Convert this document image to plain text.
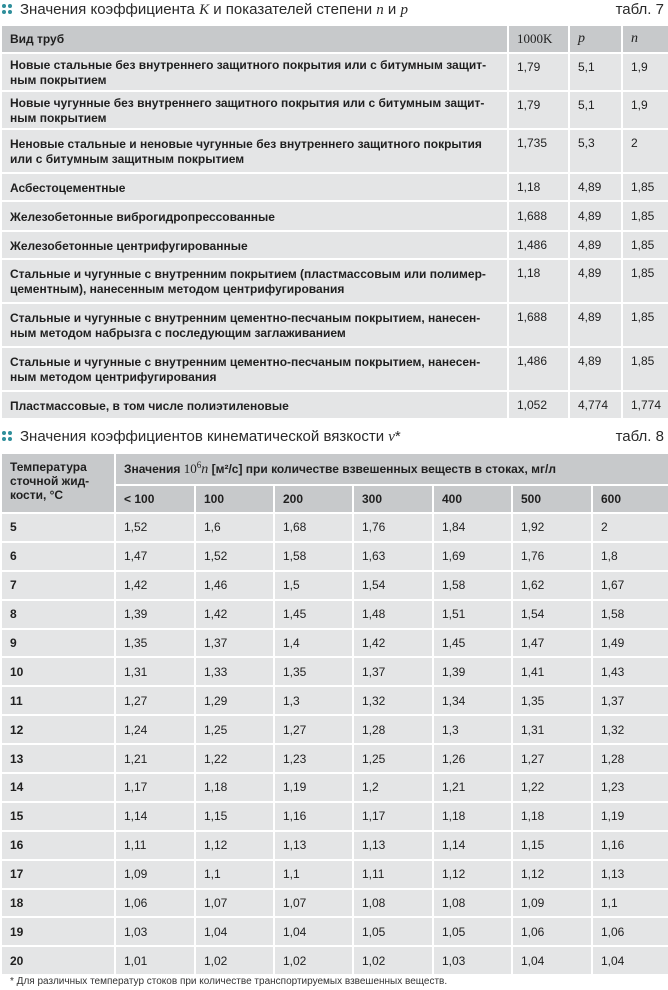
Значения коэффициента K и показателей степени n и p	табл. 7
Вид труб	1000K	p	n
Новые стальные без внутреннего защитного покрытия или с битумным защит-ным покрытием	1,79	5,1	1,9
Новые чугунные без внутреннего защитного покрытия или с битумным защит-ным покрытием	1,79	5,1	1,9
Неновые стальные и неновые чугунные без внутреннего защитного покрытия или с битумным защитным покрытием	1,735	5,3	2
Асбестоцементные	1,18	4,89	1,85
Железобетонные виброгидропрессованные	1,688	4,89	1,85
Железобетонные центрифугированные	1,486	4,89	1,85
Стальные и чугунные с внутренним покрытием (пластмассовым или полимер-цементным), нанесенным методом центрифугирования	1,18	4,89	1,85
Стальные и чугунные с внутренним цементно-песчаным покрытием, нанесен-ным методом набрызга с последующим заглаживанием	1,688	4,89	1,85
Стальные и чугунные с внутренним цементно-песчаным покрытием, нанесен-ным методом центрифугирования	1,486	4,89	1,85
Пластмассовые, в том числе полиэтиленовые	1,052	4,774	1,774
Значения коэффициентов кинематической вязкости ν*	табл. 8
Температура сточной жид-кости, °C	Значения $10^6n$ [м²/с] при количестве взвешенных веществ в стоках, мг/л						
	< 100	100	200	300	400	500	600
5	1,52	1,6	1,68	1,76	1,84	1,92	2
6	1,47	1,52	1,58	1,63	1,69	1,76	1,8
7	1,42	1,46	1,5	1,54	1,58	1,62	1,67
8	1,39	1,42	1,45	1,48	1,51	1,54	1,58
9	1,35	1,37	1,4	1,42	1,45	1,47	1,49
10	1,31	1,33	1,35	1,37	1,39	1,41	1,43
11	1,27	1,29	1,3	1,32	1,34	1,35	1,37
12	1,24	1,25	1,27	1,28	1,3	1,31	1,32
13	1,21	1,22	1,23	1,25	1,26	1,27	1,28
14	1,17	1,18	1,19	1,2	1,21	1,22	1,23
15	1,14	1,15	1,16	1,17	1,18	1,18	1,19
16	1,11	1,12	1,13	1,13	1,14	1,15	1,16
17	1,09	1,1	1,1	1,11	1,12	1,12	1,13
18	1,06	1,07	1,07	1,08	1,08	1,09	1,1
19	1,03	1,04	1,04	1,05	1,05	1,06	1,06
20	1,01	1,02	1,02	1,02	1,03	1,04	1,04
* Для различных температур стоков при количестве транспортируемых взвешенных веществ.
